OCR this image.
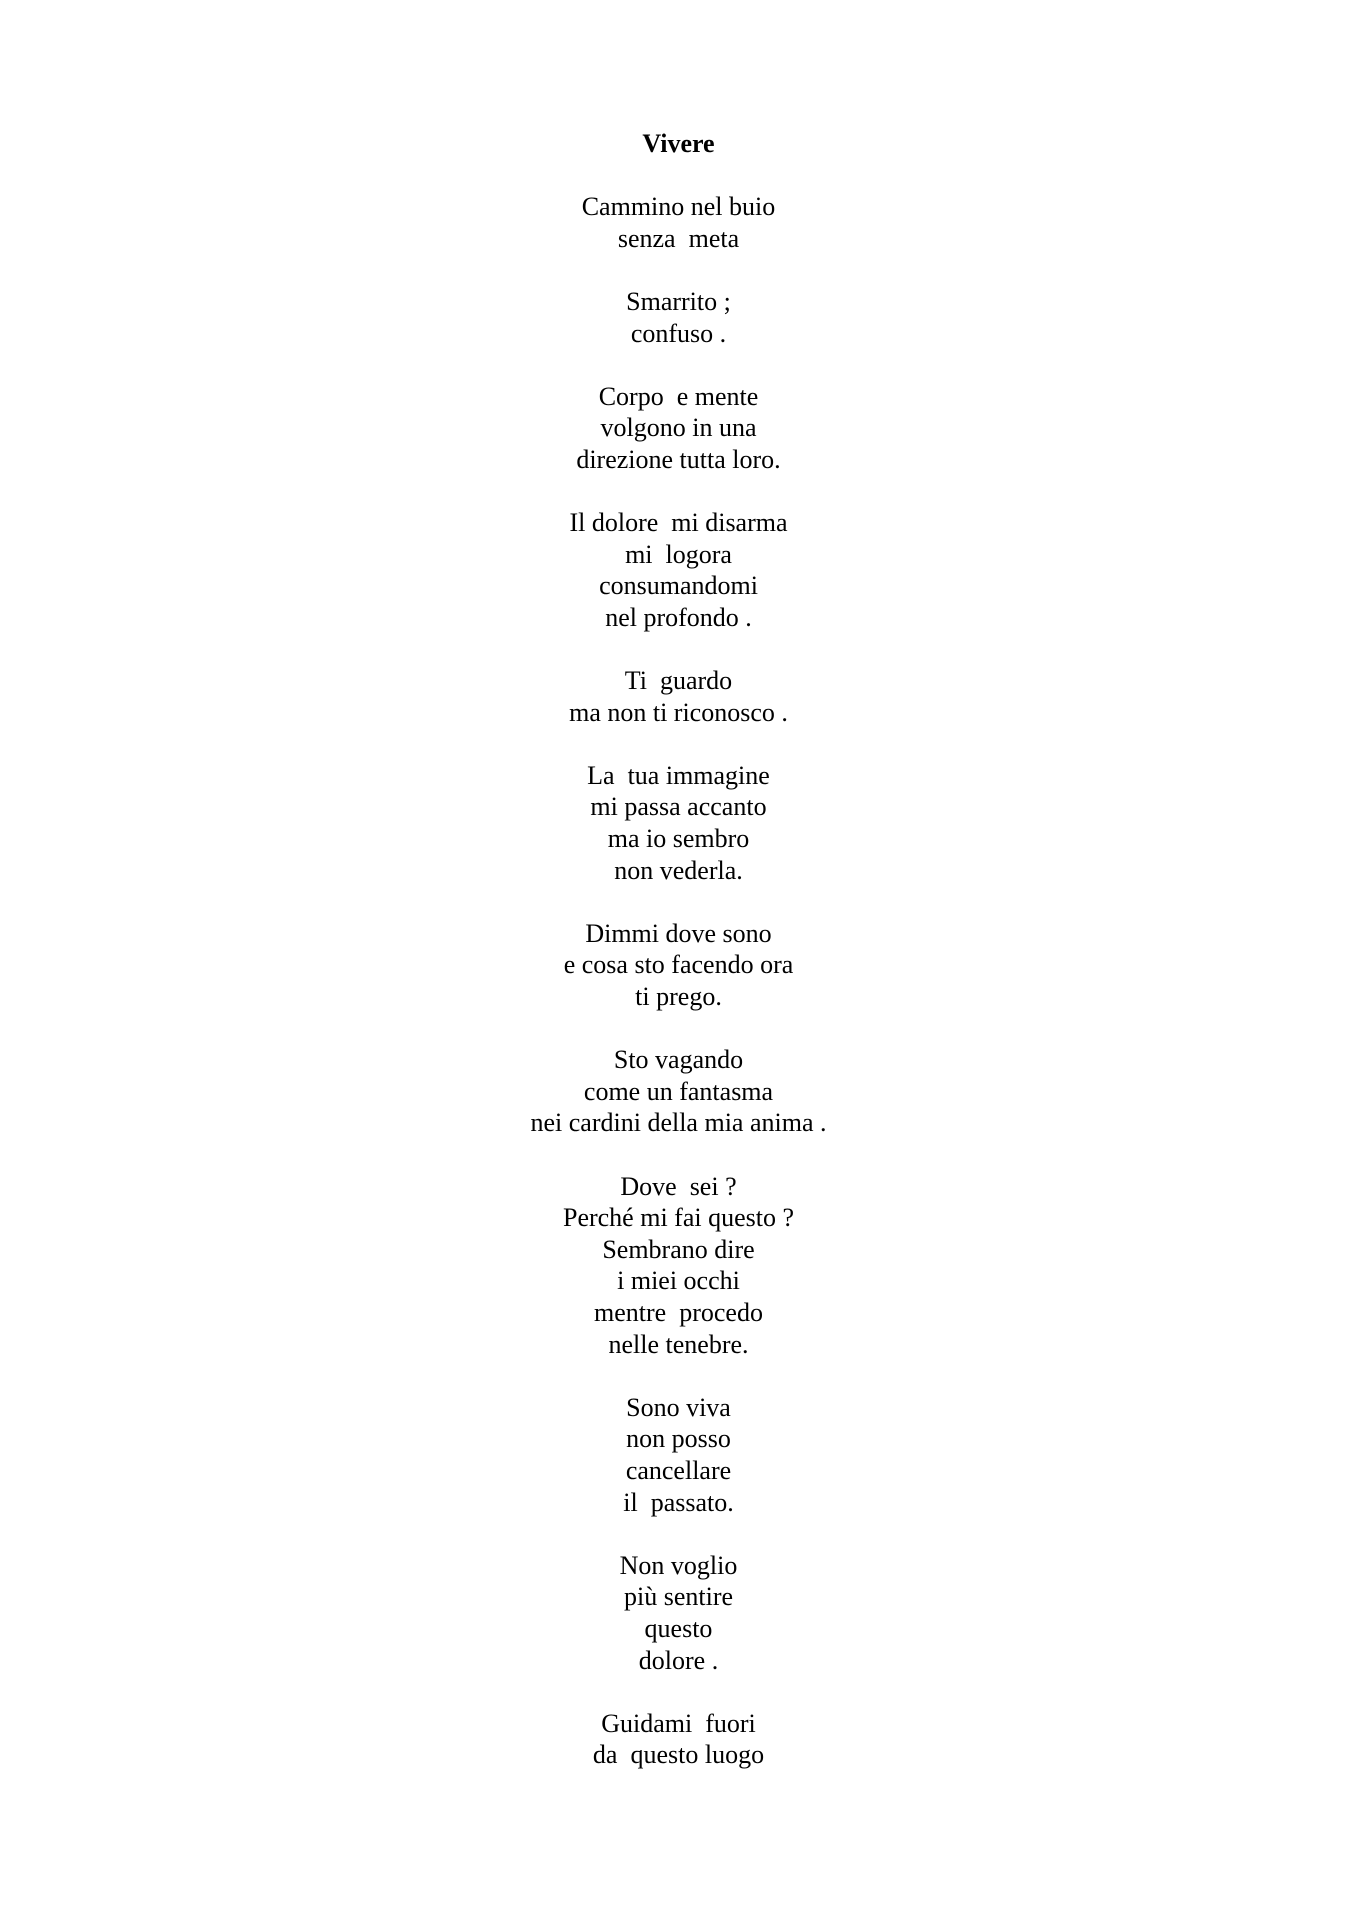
Vivere
Cammino nel buio
senza  meta
Smarrito ;
confuso .
Corpo  e mente
volgono in una
direzione tutta loro.
Il dolore  mi disarma
mi  logora
consumandomi
nel profondo .
Ti  guardo
ma non ti riconosco .
La  tua immagine
mi passa accanto
ma io sembro
non vederla.
Dimmi dove sono
e cosa sto facendo ora
ti prego.
Sto vagando
come un fantasma
nei cardini della mia anima .
Dove  sei ?
Perché mi fai questo ?
Sembrano dire
i miei occhi
mentre  procedo
nelle tenebre.
Sono viva
non posso
cancellare
il  passato.
Non voglio
più sentire
questo
dolore .
Guidami  fuori
da  questo luogo
